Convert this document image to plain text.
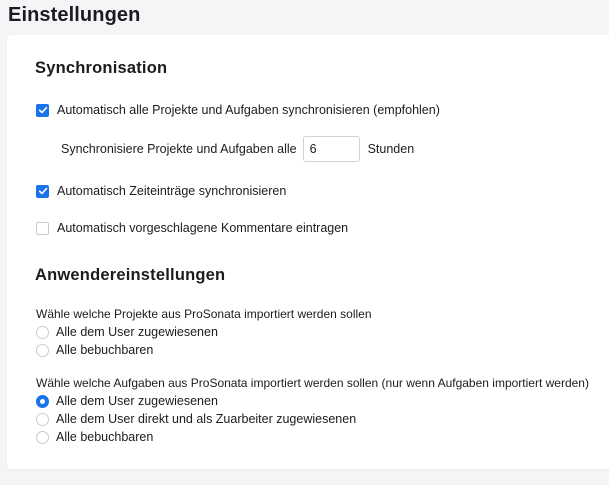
Einstellungen
Synchronisation
Automatisch alle Projekte und Aufgaben synchronisieren (empfohlen)
Synchronisiere Projekte und Aufgaben alle
6	Stunden
Automatisch Zeiteinträge synchronisieren
Automatisch vorgeschlagene Kommentare eintragen
Anwendereinstellungen
Wähle welche Projekte aus ProSonata importiert werden sollen
Alle dem User zugewiesenen
Alle bebuchbaren
Wähle welche Aufgaben aus ProSonata importiert werden sollen (nur wenn Aufgaben importiert werden)
Alle dem User zugewiesenen
Alle dem User direkt und als Zuarbeiter zugewiesenen
Alle bebuchbaren
